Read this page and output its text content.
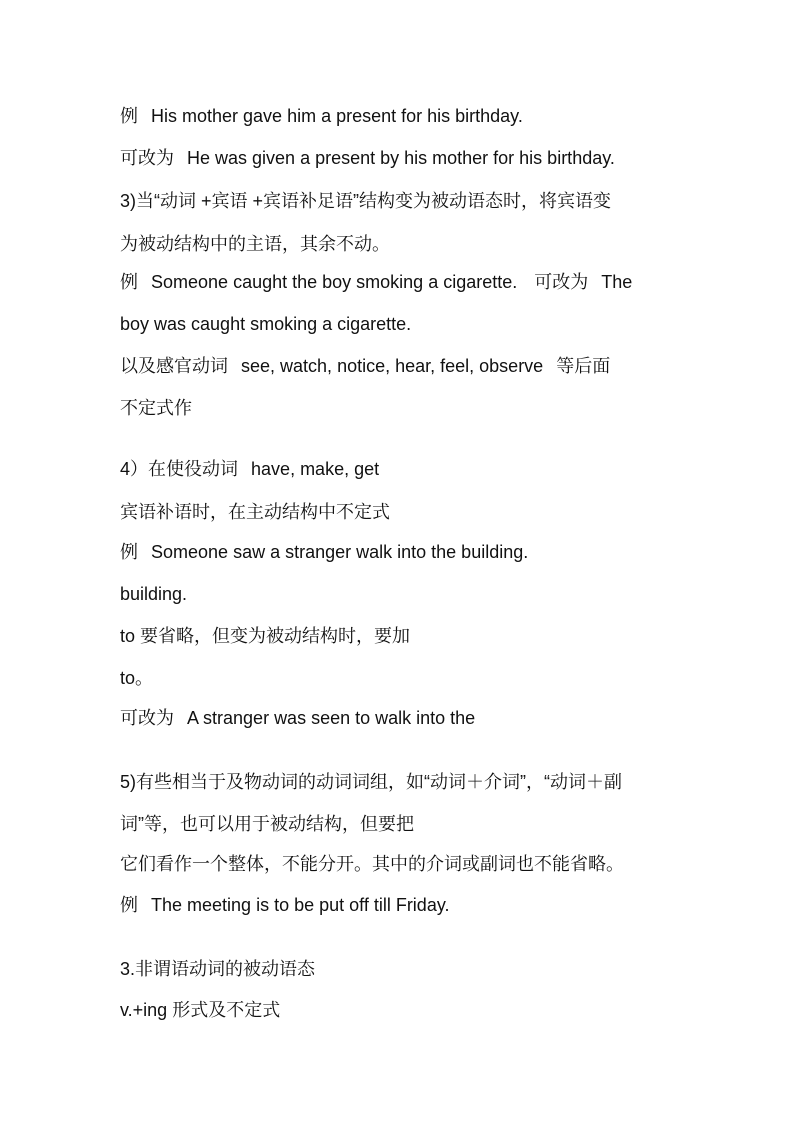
例 His mother gave him a present for his birthday.
可改为 He was given a present by his mother for his birthday.
3)当“动词 +宾语 +宾语补足语”结构变为被动语态时，将宾语变
为被动结构中的主语，其余不动。
例 Someone caught the boy smoking a cigarette. 可改为 The
boy was caught smoking a cigarette.
以及感官动词 see, watch, notice, hear, feel, observe 等后面
不定式作
4）在使役动词 have, make, get
宾语补语时，在主动结构中不定式
例 Someone saw a stranger walk into the building.
building.
to 要省略，但变为被动结构时，要加
to。
可改为 A stranger was seen to walk into the
5)有些相当于及物动词的动词词组，如“动词＋介词”，“动词＋副
词”等，也可以用于被动结构，但要把
它们看作一个整体，不能分开。其中的介词或副词也不能省略。
例 The meeting is to be put off till Friday.
3.非谓语动词的被动语态
v.+ing 形式及不定式
